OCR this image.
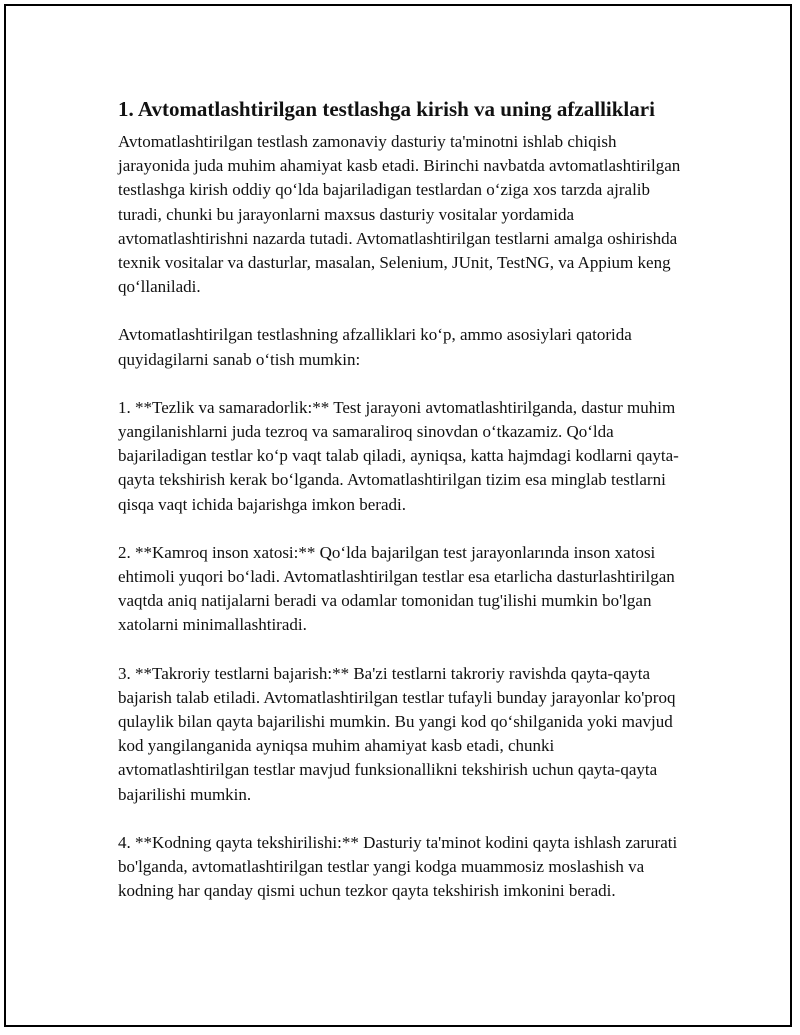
1. Avtomatlashtirilgan testlashga kirish va uning afzalliklari

Avtomatlashtirilgan testlash zamonaviy dasturiy ta'minotni ishlab chiqish jarayonida juda muhim ahamiyat kasb etadi. Birinchi navbatda avtomatlashtirilgan testlashga kirish oddiy qo‘lda bajariladigan testlardan o‘ziga xos tarzda ajralib turadi, chunki bu jarayonlarni maxsus dasturiy vositalar yordamida avtomatlashtirishni nazarda tutadi. Avtomatlashtirilgan testlarni amalga oshirishda texnik vositalar va dasturlar, masalan, Selenium, JUnit, TestNG, va Appium keng qo‘llaniladi.

Avtomatlashtirilgan testlashning afzalliklari ko‘p, ammo asosiylari qatorida quyidagilarni sanab o‘tish mumkin:

1. **Tezlik va samaradorlik:** Test jarayoni avtomatlashtirilganda, dastur muhim yangilanishlarni juda tezroq va samaraliroq sinovdan o‘tkazamiz. Qo‘lda bajariladigan testlar ko‘p vaqt talab qiladi, ayniqsa, katta hajmdagi kodlarni qayta-qayta tekshirish kerak bo‘lganda. Avtomatlashtirilgan tizim esa minglab testlarni qisqa vaqt ichida bajarishga imkon beradi.

2. **Kamroq inson xatosi:** Qo‘lda bajarilgan test jarayonlarında inson xatosi ehtimoli yuqori bo‘ladi. Avtomatlashtirilgan testlar esa etarlicha dasturlashtirilgan vaqtda aniq natijalarni beradi va odamlar tomonidan tug'ilishi mumkin bo'lgan xatolarni minimallashtiradi.

3. **Takroriy testlarni bajarish:** Ba'zi testlarni takroriy ravishda qayta-qayta bajarish talab etiladi. Avtomatlashtirilgan testlar tufayli bunday jarayonlar ko'proq qulaylik bilan qayta bajarilishi mumkin. Bu yangi kod qo‘shilganida yoki mavjud kod yangilanganida ayniqsa muhim ahamiyat kasb etadi, chunki avtomatlashtirilgan testlar mavjud funksionallikni tekshirish uchun qayta-qayta bajarilishi mumkin.

4. **Kodning qayta tekshirilishi:** Dasturiy ta'minot kodini qayta ishlash zarurati bo'lganda, avtomatlashtirilgan testlar yangi kodga muammosiz moslashish va kodning har qanday qismi uchun tezkor qayta tekshirish imkonini beradi.
